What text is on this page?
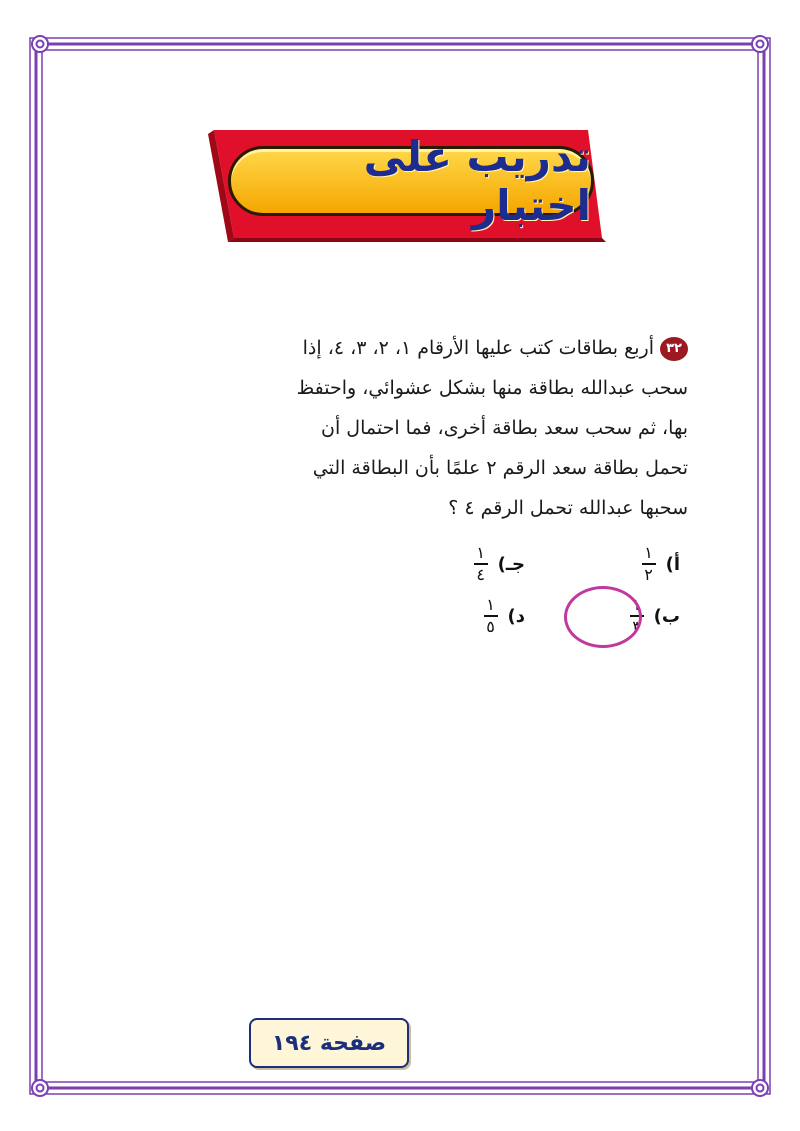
تدريب على اختبار

٣٢أربع بطاقات كتب عليها الأرقام ١، ٢، ٣، ٤، إذا
سحب عبدالله بطاقة منها بشكل عشوائي، واحتفظ
بها، ثم سحب سعد بطاقة أخرى، فما احتمال أن
تحمل بطاقة سعد الرقم ٢ علمًا بأن البطاقة التي
سحبها عبدالله تحمل الرقم ٤ ؟

أ)
$\frac{١}{٢}$
ب)
$\frac{١}{٣}$
جـ)
$\frac{١}{٤}$
د)
$\frac{١}{٥}$
صفحة ١٩٤
